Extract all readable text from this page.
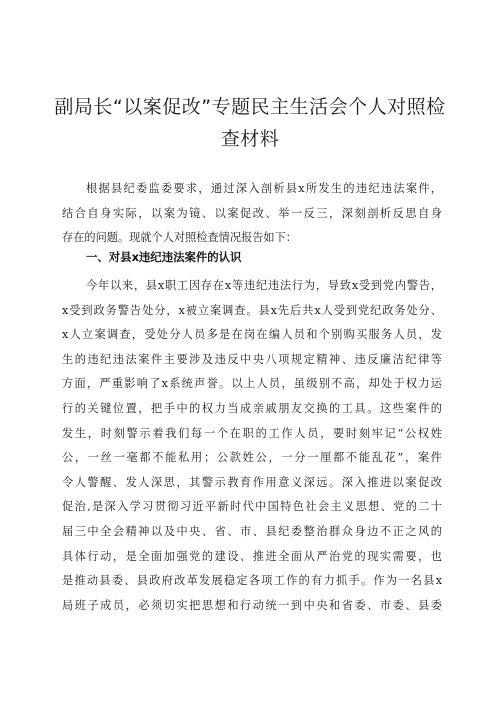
副局长“以案促改”专题民主生活会个人对照检
查材料
根据县纪委监委要求，通过深入剖析县x所发生的违纪违法案件，
结合自身实际，以案为镜、以案促改、举一反三，深刻剖析反思自身
存在的问题。现就个人对照检查情况报告如下：
一、对县x违纪违法案件的认识
今年以来，县x职工因存在x等违纪违法行为，导致x受到党内警告，
x受到政务警告处分，x被立案调查。县x先后共x人受到党纪政务处分、
x人立案调查，受处分人员多是在岗在编人员和个别购买服务人员，发
生的违纪违法案件主要涉及违反中央八项规定精神、违反廉洁纪律等
方面，严重影响了x系统声誉。以上人员，虽级别不高，却处于权力运
行的关键位置，把手中的权力当成亲戚朋友交换的工具。这些案件的
发生，时刻警示着我们每一个在职的工作人员，要时刻牢记“公权姓
公，一丝一毫都不能私用；公款姓公，一分一厘都不能乱花”，案件
令人警醒、发人深思，其警示教育作用意义深远。深入推进以案促改
促治,是深入学习贯彻习近平新时代中国特色社会主义思想、党的二十
届三中全会精神以及中央、省、市、县纪委整治群众身边不正之风的
具体行动，是全面加强党的建设、推进全面从严治党的现实需要，也
是推动县委、县政府改革发展稳定各项工作的有力抓手。作为一名县x
局班子成员，必须切实把思想和行动统一到中央和省委、市委、县委
